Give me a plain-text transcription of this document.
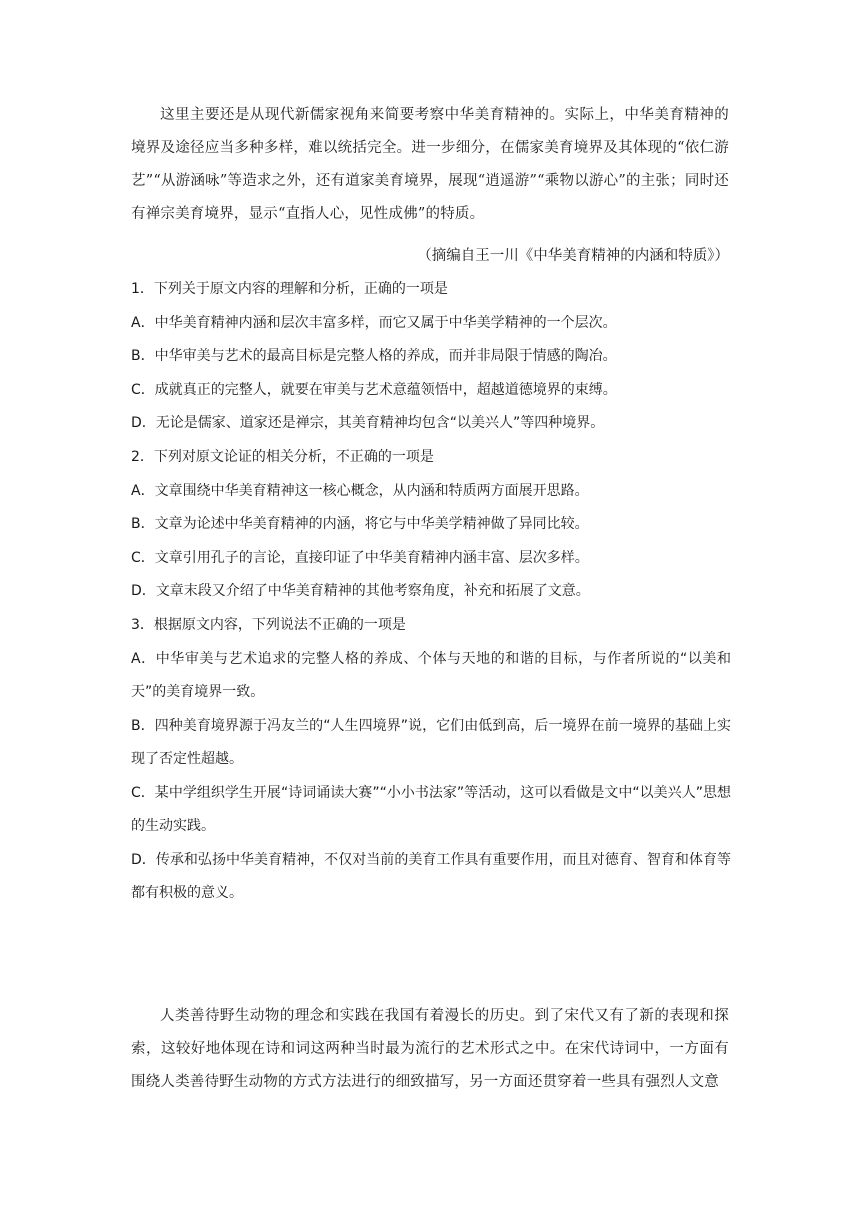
这里主要还是从现代新儒家视角来简要考察中华美育精神的。实际上，中华美育精神的境界及途径应当多种多样，难以统括完全。进一步细分，在儒家美育境界及其体现的“依仁游艺”“从游涵咏”等造求之外，还有道家美育境界，展现“逍遥游”“乘物以游心”的主张；同时还有禅宗美育境界，显示“直指人心，见性成佛”的特质。

（摘编自王一川《中华美育精神的内涵和特质》）

1．下列关于原文内容的理解和分析，正确的一项是

A．中华美育精神内涵和层次丰富多样，而它又属于中华美学精神的一个层次。

B．中华审美与艺术的最高目标是完整人格的养成，而并非局限于情感的陶冶。

C．成就真正的完整人，就要在审美与艺术意蕴领悟中，超越道德境界的束缚。

D．无论是儒家、道家还是禅宗，其美育精神均包含“以美兴人”等四种境界。

2．下列对原文论证的相关分析，不正确的一项是

A．文章围绕中华美育精神这一核心概念，从内涵和特质两方面展开思路。

B．文章为论述中华美育精神的内涵，将它与中华美学精神做了异同比较。

C．文章引用孔子的言论，直接印证了中华美育精神内涵丰富、层次多样。

D．文章末段又介绍了中华美育精神的其他考察角度，补充和拓展了文意。

3．根据原文内容，下列说法不正确的一项是

A．中华审美与艺术追求的完整人格的养成、个体与天地的和谐的目标，与作者所说的“以美和天”的美育境界一致。

B．四种美育境界源于冯友兰的“人生四境界”说，它们由低到高，后一境界在前一境界的基础上实现了否定性超越。

C．某中学组织学生开展“诗词诵读大赛”“小小书法家”等活动，这可以看做是文中“以美兴人”思想的生动实践。

D．传承和弘扬中华美育精神，不仅对当前的美育工作具有重要作用，而且对德育、智育和体育等都有积极的意义。

人类善待野生动物的理念和实践在我国有着漫长的历史。到了宋代又有了新的表现和探索，这较好地体现在诗和词这两种当时最为流行的艺术形式之中。在宋代诗词中，一方面有围绕人类善待野生动物的方式方法进行的细致描写，另一方面还贯穿着一些具有强烈人文意
